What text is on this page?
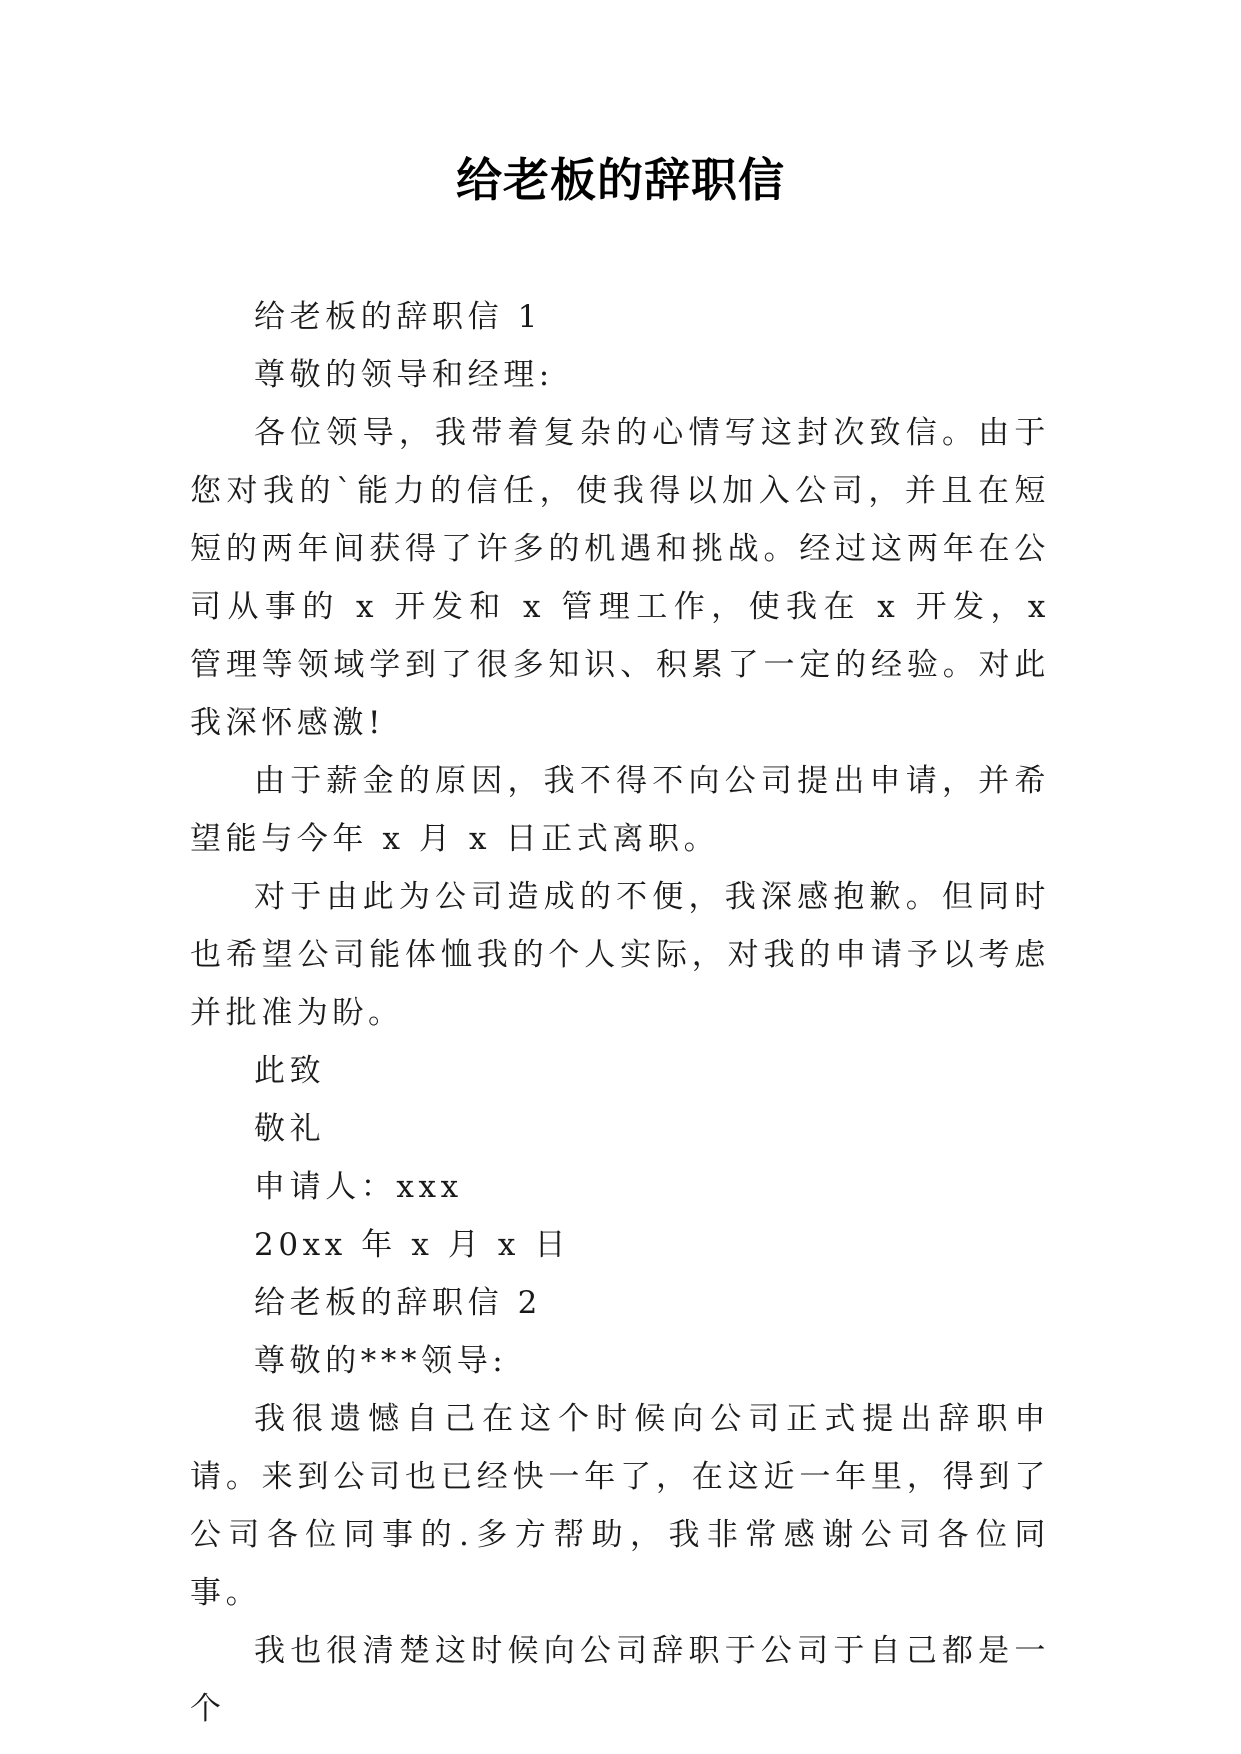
给老板的辞职信

给老板的辞职信 1

尊敬的领导和经理:

各位领导，我带着复杂的心情写这封次致信。由于您对我的`能力的信任，使我得以加入公司，并且在短短的两年间获得了许多的机遇和挑战。经过这两年在公司从事的 x 开发和 x 管理工作，使我在 x 开发，x 管理等领域学到了很多知识、积累了一定的经验。对此我深怀感激!

由于薪金的原因，我不得不向公司提出申请，并希望能与今年 x 月 x 日正式离职。

对于由此为公司造成的不便，我深感抱歉。但同时也希望公司能体恤我的个人实际，对我的申请予以考虑并批准为盼。

此致

敬礼

申请人：xxx

20xx 年 x 月 x 日

给老板的辞职信 2

尊敬的***领导:

我很遗憾自己在这个时候向公司正式提出辞职申请。来到公司也已经快一年了，在这近一年里，得到了公司各位同事的.多方帮助，我非常感谢公司各位同事。

我也很清楚这时候向公司辞职于公司于自己都是一个
